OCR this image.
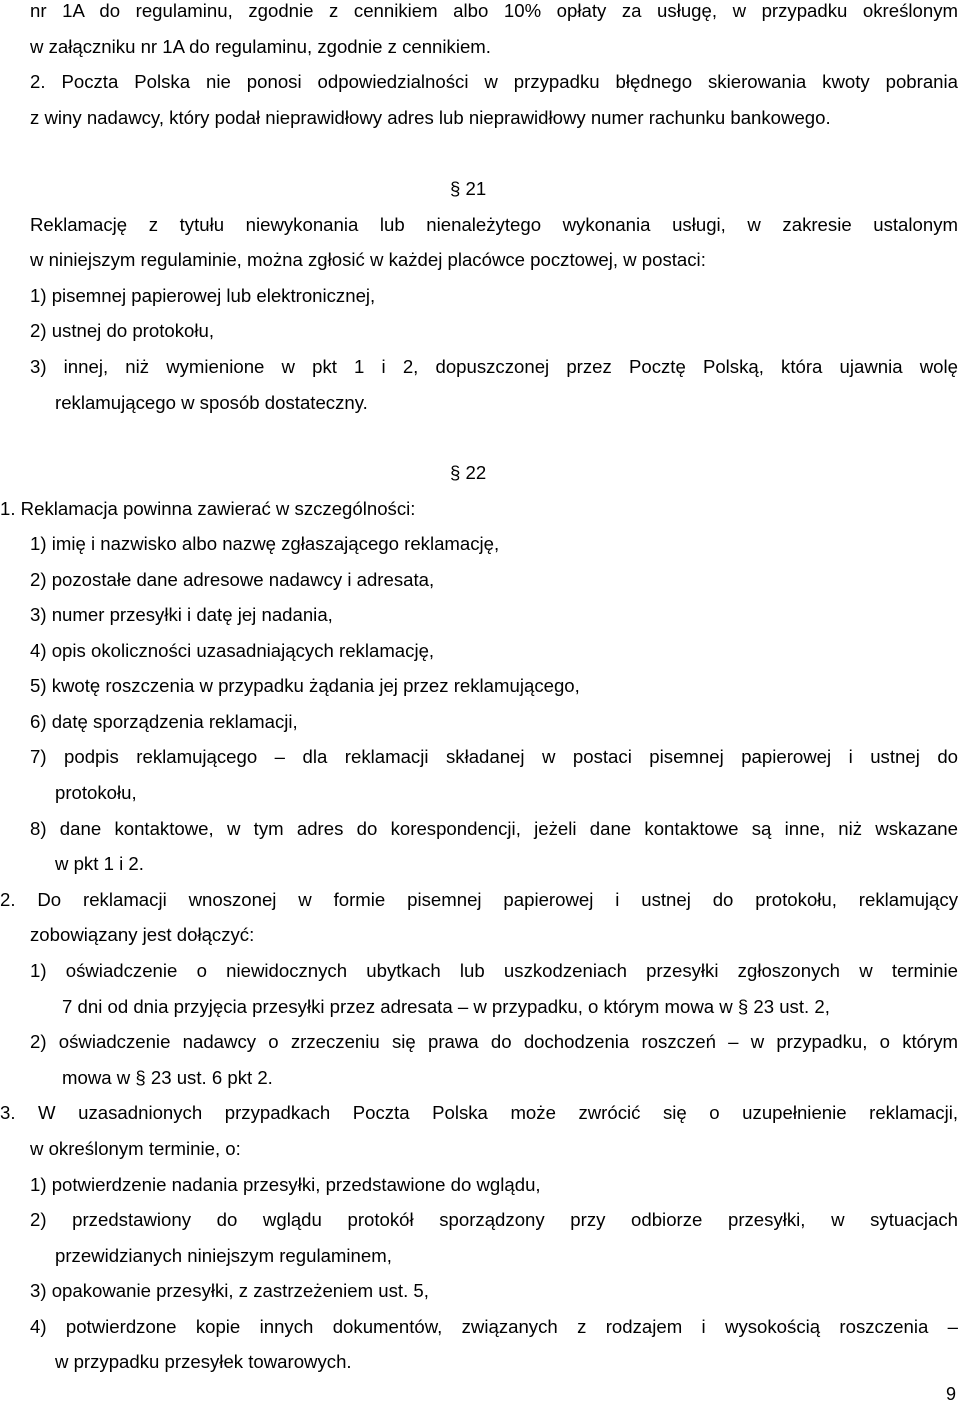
nr 1A do regulaminu, zgodnie z cennikiem albo 10% opłaty za usługę, w przypadku określonym
w załączniku nr 1A do regulaminu, zgodnie z cennikiem.
2. Poczta Polska nie ponosi odpowiedzialności w przypadku błędnego skierowania kwoty pobrania
z winy nadawcy, który podał nieprawidłowy adres lub nieprawidłowy numer rachunku bankowego.
§ 21
Reklamację z tytułu niewykonania lub nienależytego wykonania usługi, w zakresie ustalonym
w niniejszym regulaminie, można zgłosić w każdej placówce pocztowej, w postaci:
1) pisemnej papierowej lub elektronicznej,
2) ustnej do protokołu,
3) innej, niż wymienione w pkt 1 i 2, dopuszczonej przez Pocztę Polską, która ujawnia wolę
reklamującego w sposób dostateczny.
§ 22
1. Reklamacja powinna zawierać w szczególności:
1) imię i nazwisko albo nazwę zgłaszającego reklamację,
2) pozostałe dane adresowe nadawcy i adresata,
3) numer przesyłki i datę jej nadania,
4) opis okoliczności uzasadniających reklamację,
5) kwotę roszczenia w przypadku żądania jej przez reklamującego,
6) datę sporządzenia reklamacji,
7) podpis reklamującego – dla reklamacji składanej w postaci pisemnej papierowej i ustnej do
protokołu,
8) dane kontaktowe, w tym adres do korespondencji, jeżeli dane kontaktowe są inne, niż wskazane
w pkt 1 i 2.
2. Do reklamacji wnoszonej w formie pisemnej papierowej i ustnej do protokołu, reklamujący
zobowiązany jest dołączyć:
1) oświadczenie o niewidocznych ubytkach lub uszkodzeniach przesyłki zgłoszonych w terminie
7 dni od dnia przyjęcia przesyłki przez adresata – w przypadku, o którym mowa w § 23 ust. 2,
2) oświadczenie nadawcy o zrzeczeniu się prawa do dochodzenia roszczeń – w przypadku, o którym
mowa w § 23 ust. 6 pkt 2.
3. W uzasadnionych przypadkach Poczta Polska może zwrócić się o uzupełnienie reklamacji,
w określonym terminie, o:
1) potwierdzenie nadania przesyłki, przedstawione do wglądu,
2) przedstawiony do wglądu protokół sporządzony przy odbiorze przesyłki, w sytuacjach
przewidzianych niniejszym regulaminem,
3) opakowanie przesyłki, z zastrzeżeniem ust. 5,
4) potwierdzone kopie innych dokumentów, związanych z rodzajem i wysokością roszczenia –
w przypadku przesyłek towarowych.
9
